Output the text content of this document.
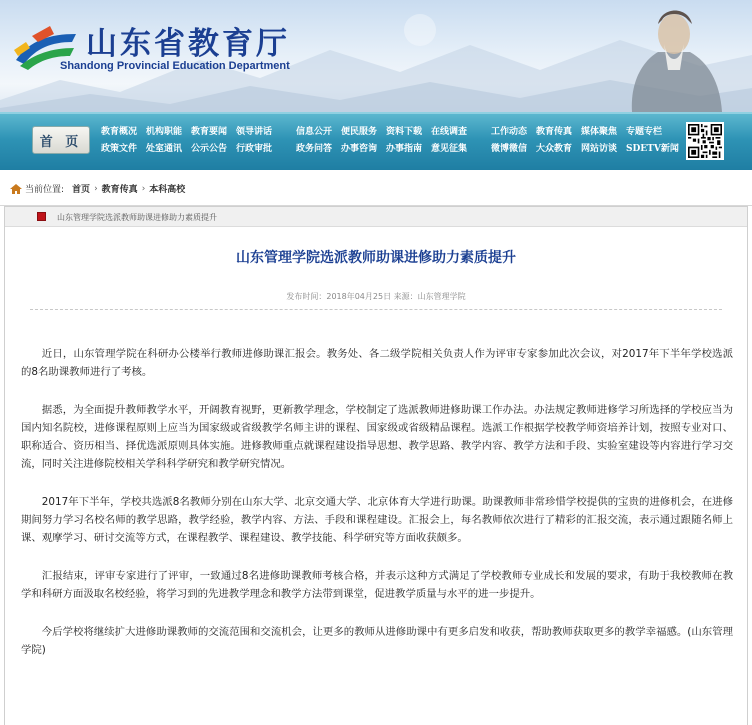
山东省教育厅
Shandong Provincial Education Department
首 页
教育概况 机构职能 教育要闻 领导讲话	信息公开 便民服务 资料下载 在线调查	工作动态 教育传真 媒体聚焦 专题专栏
政策文件 处室通讯 公示公告 行政审批	政务问答 办事咨询 办事指南 意见征集	微博微信 大众教育 网站访谈 SDETV新闻
当前位置: 首页 › 教育传真 › 本科高校
山东管理学院选派教师助课进修助力素质提升
山东管理学院选派教师助课进修助力素质提升
发布时间：2018年04月25日 来源：山东管理学院

近日，山东管理学院在科研办公楼举行教师进修助课汇报会。教务处、各二级学院相关负责人作为评审专家参加此次会议，对2017年下半年学校选派的8名助课教师进行了考核。

据悉，为全面提升教师教学水平，开阔教育视野，更新教学理念，学校制定了选派教师进修助课工作办法。办法规定教师进修学习所选择的学校应当为国内知名院校，进修课程原则上应当为国家级或省级教学名师主讲的课程、国家级或省级精品课程。选派工作根据学校教学师资培养计划，按照专业对口、职称适合、资历相当、择优选派原则具体实施。进修教师重点就课程建设指导思想、教学思路、教学内容、教学方法和手段、实验室建设等内容进行学习交流，同时关注进修院校相关学科科学研究和教学研究情况。

2017年下半年，学校共选派8名教师分别在山东大学、北京交通大学、北京体育大学进行助课。助课教师非常珍惜学校提供的宝贵的进修机会，在进修期间努力学习名校名师的教学思路，教学经验，教学内容、方法、手段和课程建设。汇报会上，每名教师依次进行了精彩的汇报交流，表示通过跟随名师上课、观摩学习、研讨交流等方式，在课程教学、课程建设、教学技能、科学研究等方面收获颇多。

汇报结束，评审专家进行了评审，一致通过8名进修助课教师考核合格，并表示这种方式满足了学校教师专业成长和发展的要求，有助于我校教师在教学和科研方面汲取名校经验，将学习到的先进教学理念和教学方法带到课堂，促进教学质量与水平的进一步提升。

今后学校将继续扩大进修助课教师的交流范围和交流机会，让更多的教师从进修助课中有更多启发和收获，帮助教师获取更多的教学幸福感。(山东管理学院)
